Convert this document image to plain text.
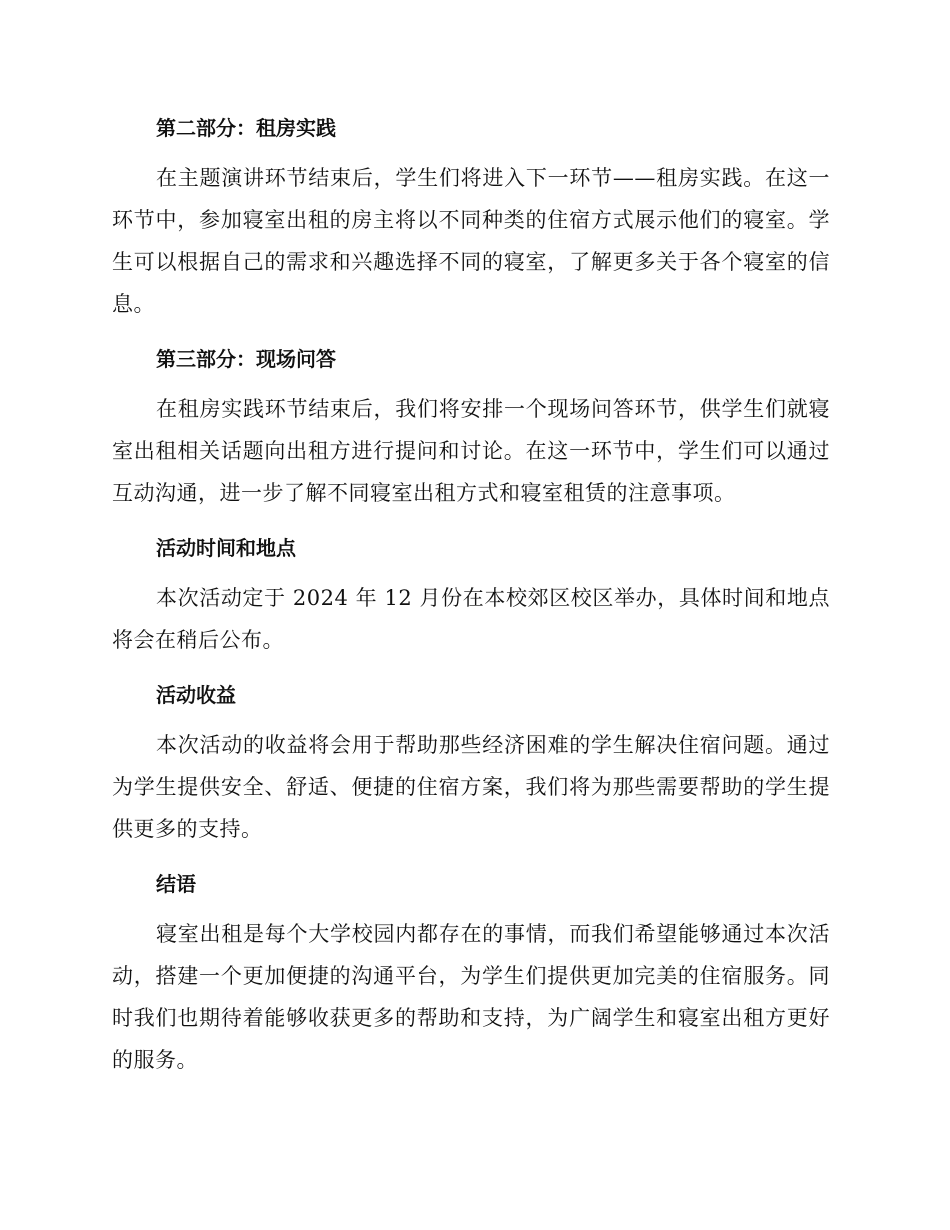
第二部分：租房实践

在主题演讲环节结束后，学生们将进入下一环节——租房实践。在这一环节中，参加寝室出租的房主将以不同种类的住宿方式展示他们的寝室。学生可以根据自己的需求和兴趣选择不同的寝室，了解更多关于各个寝室的信息。

第三部分：现场问答

在租房实践环节结束后，我们将安排一个现场问答环节，供学生们就寝室出租相关话题向出租方进行提问和讨论。在这一环节中，学生们可以通过互动沟通，进一步了解不同寝室出租方式和寝室租赁的注意事项。

活动时间和地点

本次活动定于 2024 年 12 月份在本校郊区校区举办，具体时间和地点将会在稍后公布。

活动收益

本次活动的收益将会用于帮助那些经济困难的学生解决住宿问题。通过为学生提供安全、舒适、便捷的住宿方案，我们将为那些需要帮助的学生提供更多的支持。

结语

寝室出租是每个大学校园内都存在的事情，而我们希望能够通过本次活动，搭建一个更加便捷的沟通平台，为学生们提供更加完美的住宿服务。同时我们也期待着能够收获更多的帮助和支持，为广阔学生和寝室出租方更好的服务。
